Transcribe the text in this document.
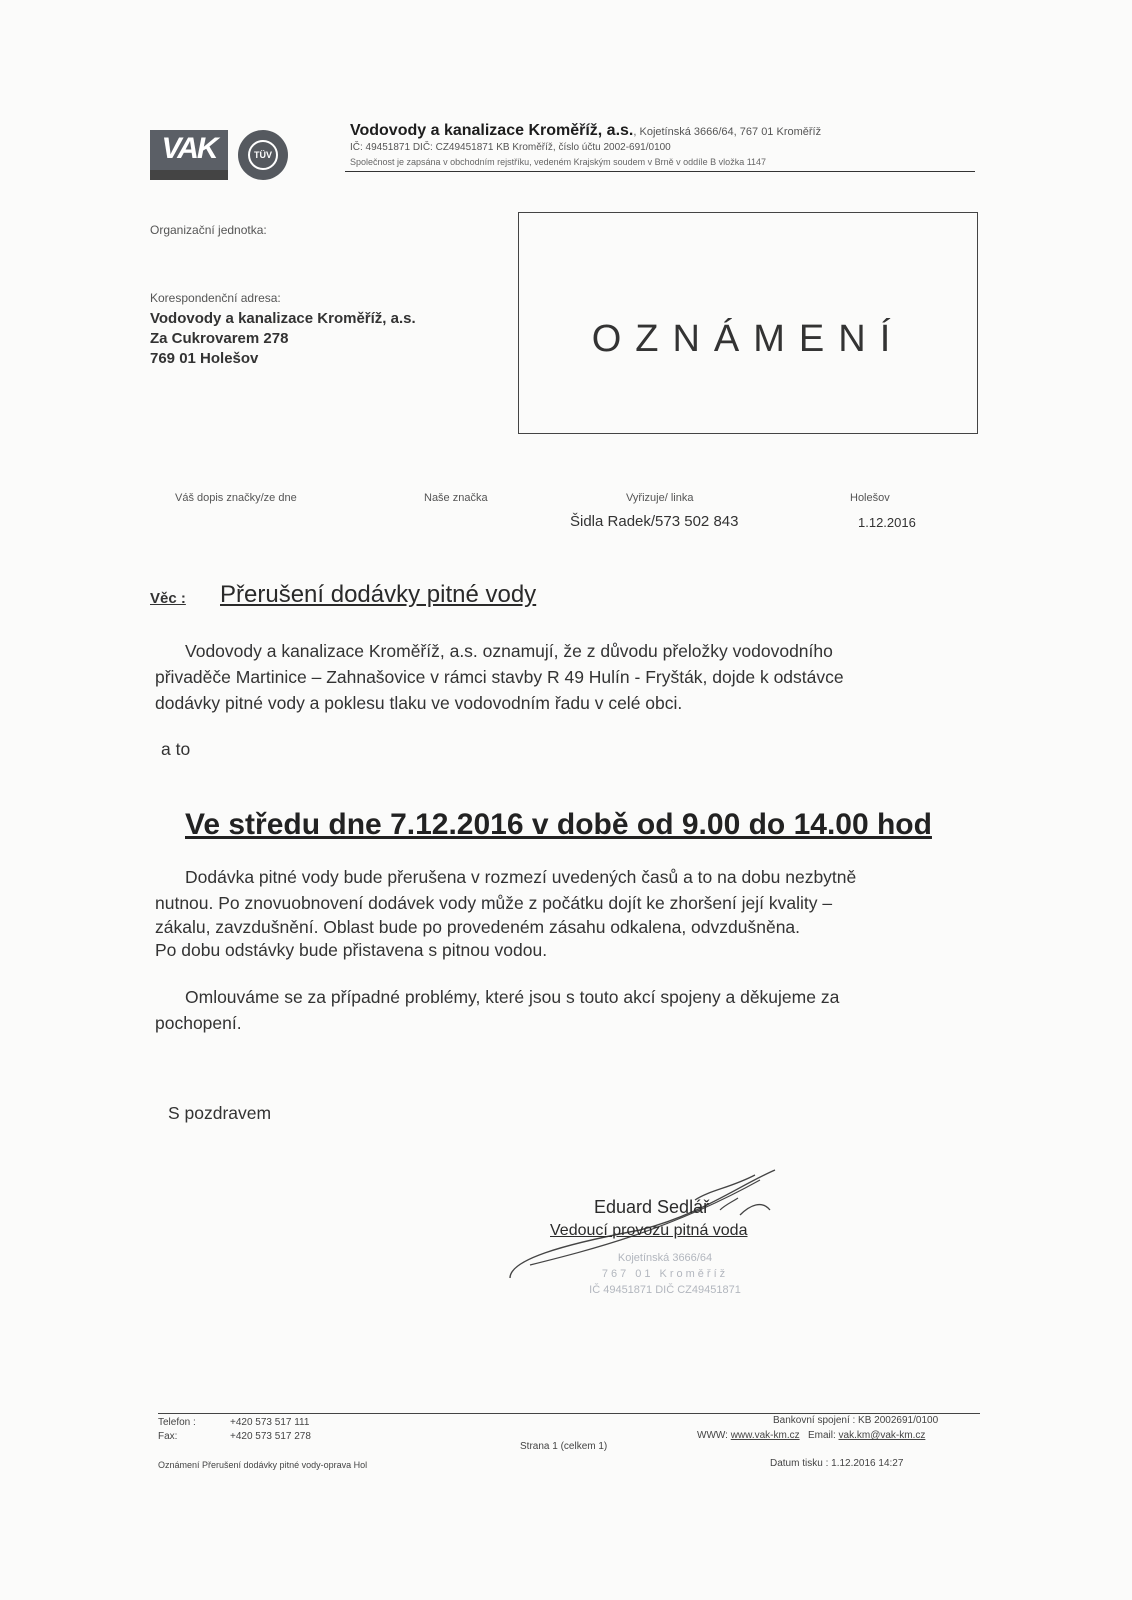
VAK	TÜV
Vodovody a kanalizace Kroměříž, a.s., Kojetínská 3666/64, 767 01 Kroměříž
IČ: 49451871 DIČ: CZ49451871 KB Kroměříž, číslo účtu 2002-691/0100
Společnost je zapsána v obchodním rejstříku, vedeném Krajským soudem v Brně v oddíle B vložka 1147
Organizační jednotka:
Korespondenční adresa:
Vodovody a kanalizace Kroměříž, a.s.
Za Cukrovarem 278
769 01 Holešov	OZNÁMENÍ
Váš dopis značky/ze dne	Naše značka	Vyřizuje/ linka	Holešov
Šidla Radek/573 502 843	1.12.2016
Věc : Přerušení dodávky pitné vody
Vodovody a kanalizace Kroměříž, a.s. oznamují, že z důvodu přeložky vodovodního
přivaděče Martinice – Zahnašovice v rámci stavby R 49 Hulín - Fryšták, dojde k odstávce
dodávky pitné vody a poklesu tlaku ve vodovodním řadu v celé obci.
a to
Ve středu dne 7.12.2016 v době od 9.00 do 14.00 hod
Dodávka pitné vody bude přerušena v rozmezí uvedených časů a to na dobu nezbytně
nutnou. Po znovuobnovení dodávek vody může z počátku dojít ke zhoršení její kvality –
zákalu, zavzdušnění. Oblast bude po provedeném zásahu odkalena, odvzdušněna.
Po dobu odstávky bude přistavena s pitnou vodou.
Omlouváme se za případné problémy, které jsou s touto akcí spojeny a děkujeme za
pochopení.
S pozdravem
Eduard Sedlář
Vedoucí provozu pitná voda
Kojetínská 3666/64
767 01 Kroměříž
IČ 49451871 DIČ CZ49451871
Telefon :	+420 573 517 111
Fax:	+420 573 517 278
Oznámení Přerušení dodávky pitné vody-oprava Hol
Strana 1 (celkem 1)
Bankovní spojení : KB 2002691/0100
WWW: www.vak-km.cz Email: vak.km@vak-km.cz
Datum tisku : 1.12.2016 14:27
